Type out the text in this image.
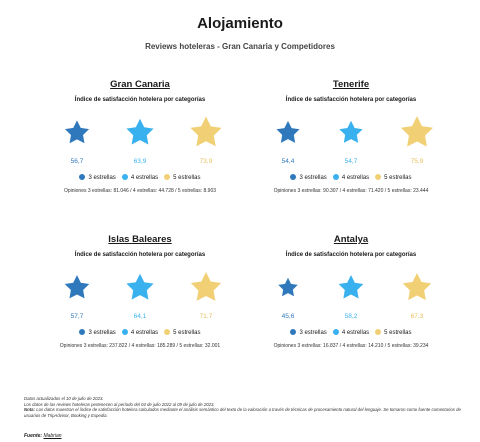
Alojamiento
Reviews hoteleras - Gran Canaria y Competidores
Gran Canaria
Índice de satisfacción hotelera por categorías
56,7	63,9	73,9
3 estrellas	4 estrellas	5 estrellas
Opiniones 3 estrellas: 81.046 / 4 estrellas: 44.728 / 5 estrellas: 8.903
Tenerife
Índice de satisfacción hotelera por categorías
54,4	54,7	75,9
3 estrellas	4 estrellas	5 estrellas
Opiniones 3 estrellas: 90.307 / 4 estrellas: 71.420 / 5 estrellas: 23.444
Islas Baleares
Índice de satisfacción hotelera por categorías
57,7	64,1	71,7
3 estrellas	4 estrellas	5 estrellas
Opiniones 3 estrellas: 237.822 / 4 estrellas: 185.289 / 5 estrellas: 32.001
Antalya
Índice de satisfacción hotelera por categorías
45,6	58,2	67,3
3 estrellas	4 estrellas	5 estrellas
Opiniones 3 estrellas: 16.837 / 4 estrellas: 14.210 / 5 estrellas: 39.234
Datos actualizados el 10 de julio de 2023.
Los datos de las reviews hoteleras pertenecen al período del 04 de julio 2022 al 09 de julio de 2023.
Nota: Los datos muestran el índice de satisfacción hotelera calculados mediante el análisis semántico del texto de la valoración a través de técnicas de procesamiento natural del lenguaje. Se tomaron como fuente comentarios de usuarios de TripAdvisor, Booking y Expedia.
Fuente: Mabrian
